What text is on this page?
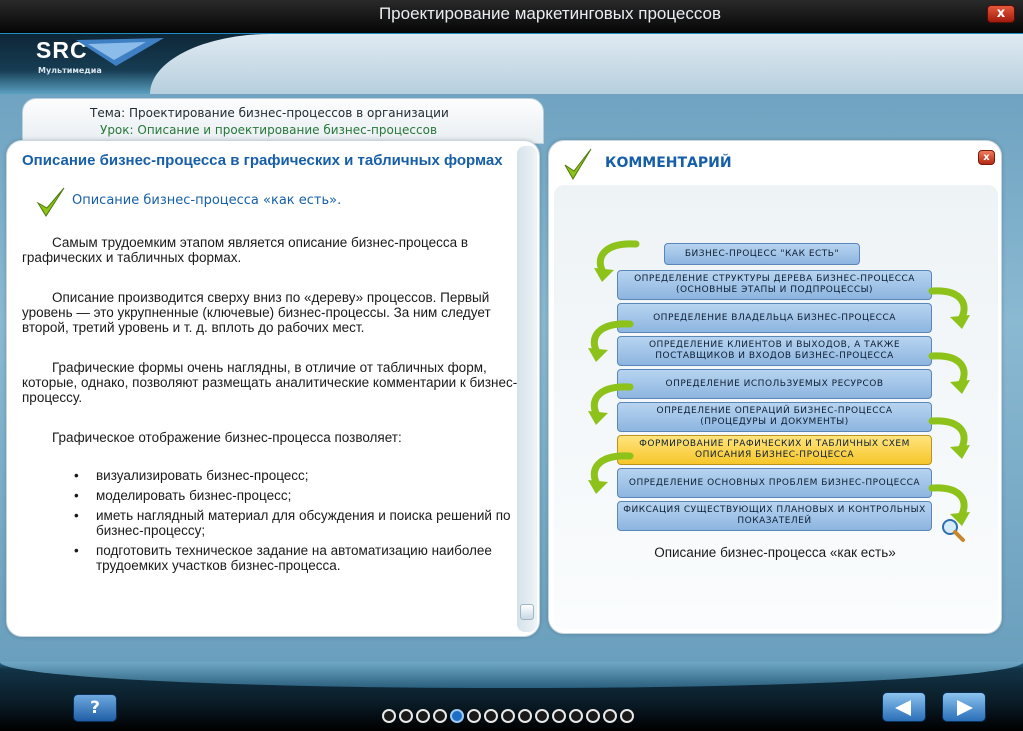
Проектирование маркетинговых процессов	x
SRC
Мультимедиа
Тема: Проектирование бизнес-процессов в организации
Урок: Описание и проектирование бизнес-процессов
Описание бизнес-процесса в графических и табличных формах
Описание бизнес-процесса «как есть».

Самым трудоемким этапом является описание бизнес-процесса в графических и табличных формах.

Описание производится сверху вниз по «дереву» процессов. Первый уровень — это укрупненные (ключевые) бизнес-процессы. За ним следует второй, третий уровень и т. д. вплоть до рабочих мест.

Графические формы очень наглядны, в отличие от табличных форм, которые, однако, позволяют размещать аналитические комментарии к бизнес-процессу.

Графическое отображение бизнес-процесса позволяет:

• визуализировать бизнес-процесс;
• моделировать бизнес-процесс;
• иметь наглядный материал для обсуждения и поиска решений по бизнес-процессу;
• подготовить техническое задание на автоматизацию наиболее трудоемких участков бизнес-процесса.
КОММЕНТАРИЙ	x
БИЗНЕС-ПРОЦЕСС "КАК ЕСТЬ"
ОПРЕДЕЛЕНИЕ СТРУКТУРЫ ДЕРЕВА БИЗНЕС-ПРОЦЕССА (ОСНОВНЫЕ ЭТАПЫ И ПОДПРОЦЕССЫ)
ОПРЕДЕЛЕНИЕ ВЛАДЕЛЬЦА БИЗНЕС-ПРОЦЕССА
ОПРЕДЕЛЕНИЕ КЛИЕНТОВ И ВЫХОДОВ, А ТАКЖЕ ПОСТАВЩИКОВ И ВХОДОВ БИЗНЕС-ПРОЦЕССА
ОПРЕДЕЛЕНИЕ ИСПОЛЬЗУЕМЫХ РЕСУРСОВ
ОПРЕДЕЛЕНИЕ ОПЕРАЦИЙ БИЗНЕС-ПРОЦЕССА (ПРОЦЕДУРЫ И ДОКУМЕНТЫ)
ФОРМИРОВАНИЕ ГРАФИЧЕСКИХ И ТАБЛИЧНЫХ СХЕМ ОПИСАНИЯ БИЗНЕС-ПРОЦЕССА
ОПРЕДЕЛЕНИЕ ОСНОВНЫХ ПРОБЛЕМ БИЗНЕС-ПРОЦЕССА
ФИКСАЦИЯ СУЩЕСТВУЮЩИХ ПЛАНОВЫХ И КОНТРОЛЬНЫХ ПОКАЗАТЕЛЕЙ
Описание бизнес-процесса «как есть»
?
